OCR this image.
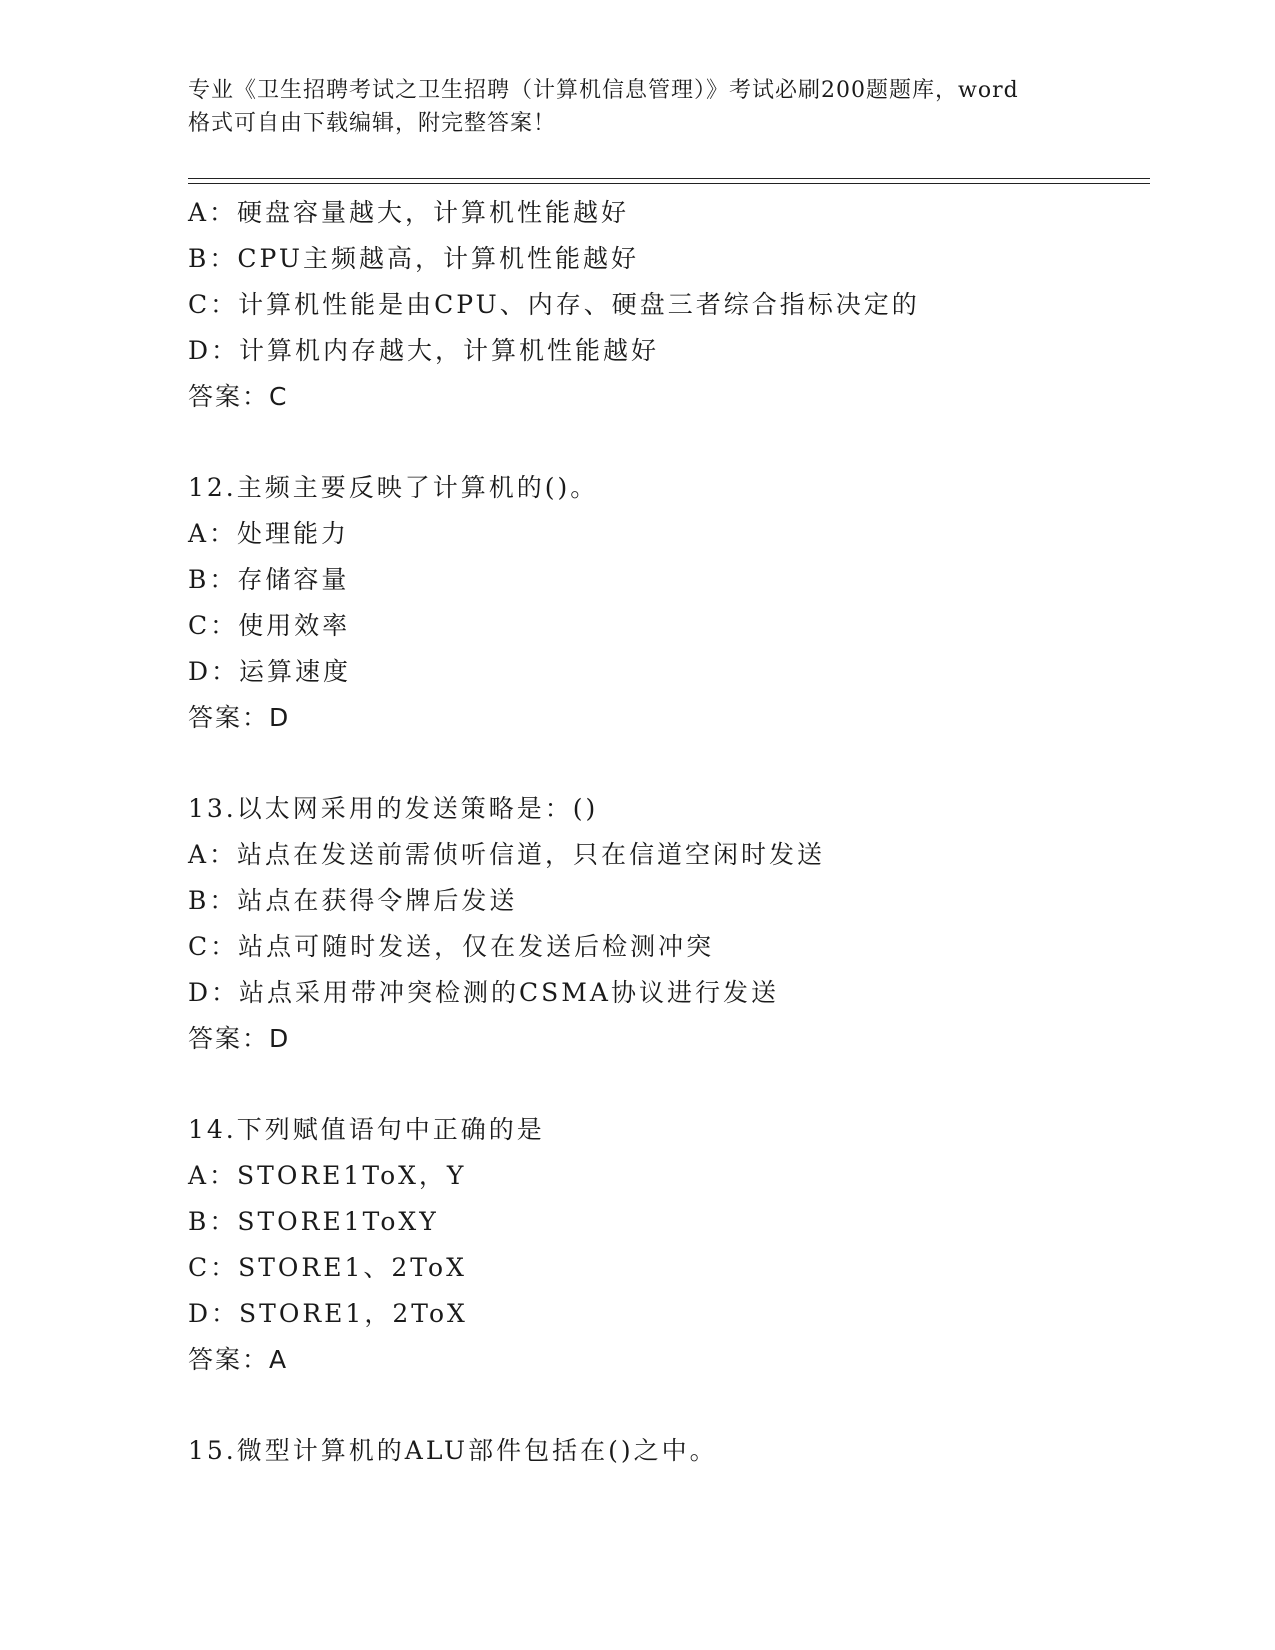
专业《卫生招聘考试之卫生招聘（计算机信息管理）》考试必刷200题题库，word
格式可自由下载编辑，附完整答案！
A：硬盘容量越大，计算机性能越好
B：CPU主频越高，计算机性能越好
C：计算机性能是由CPU、内存、硬盘三者综合指标决定的
D：计算机内存越大，计算机性能越好
答案：C
12.主频主要反映了计算机的()。
A：处理能力
B：存储容量
C：使用效率
D：运算速度
答案：D
13.以太网采用的发送策略是：()
A：站点在发送前需侦听信道，只在信道空闲时发送
B：站点在获得令牌后发送
C：站点可随时发送，仅在发送后检测冲突
D：站点采用带冲突检测的CSMA协议进行发送
答案：D
14.下列赋值语句中正确的是
A：STORE1ToX，Y
B：STORE1ToXY
C：STORE1、2ToX
D：STORE1，2ToX
答案：A
15.微型计算机的ALU部件包括在()之中。
